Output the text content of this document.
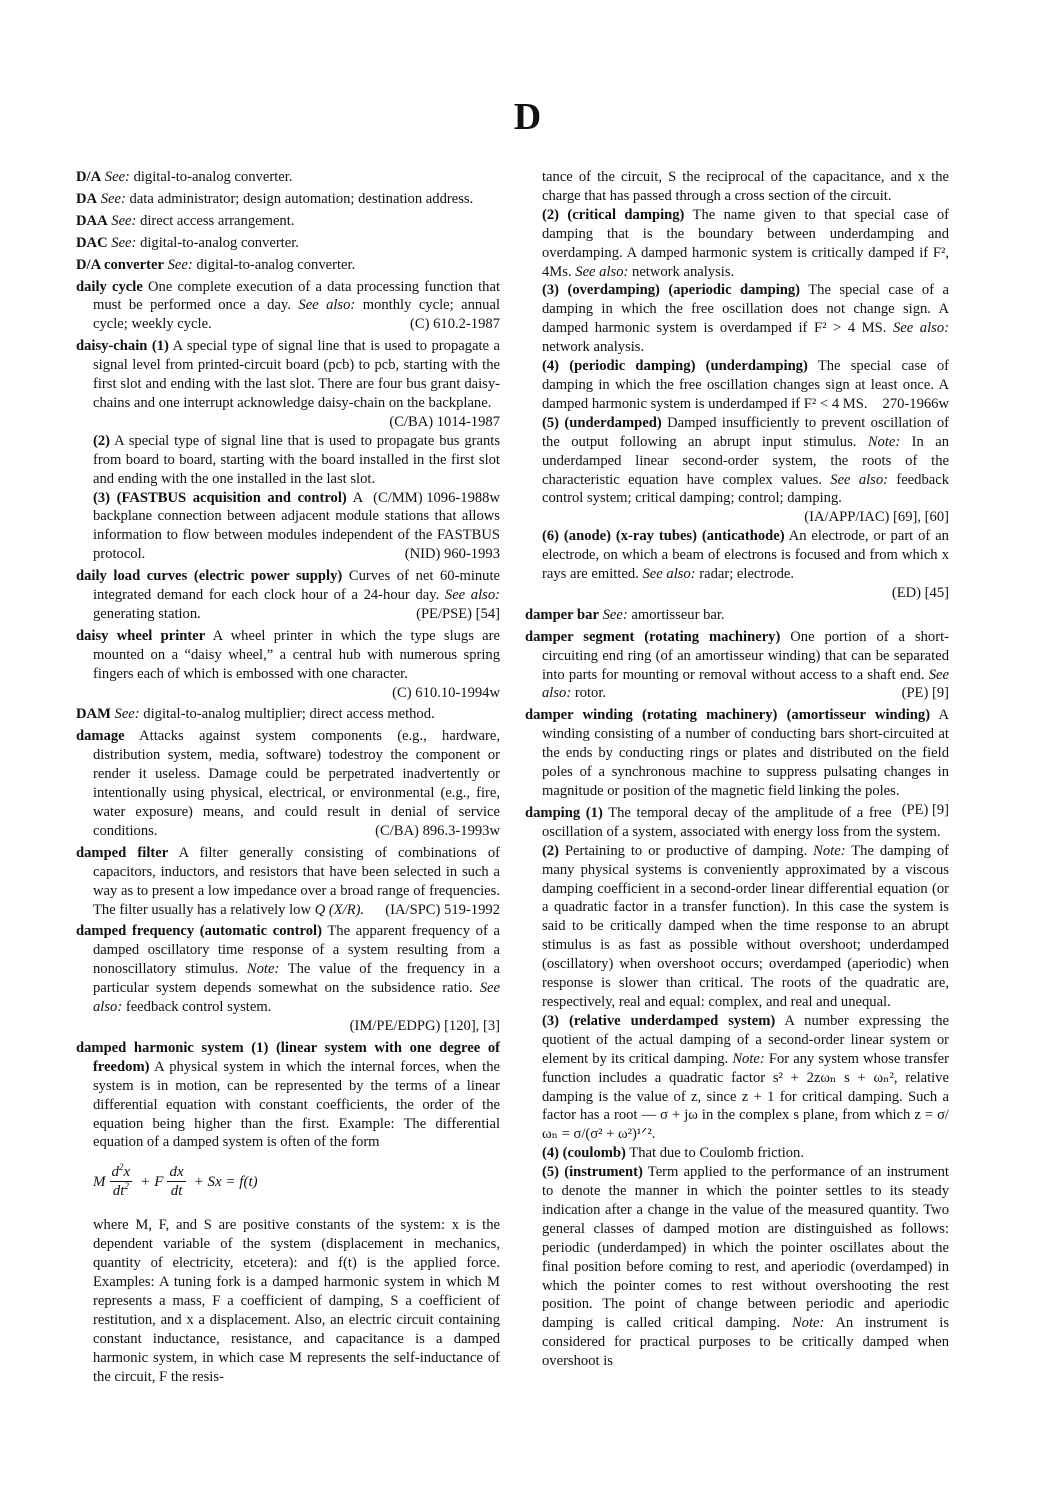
D

D/A See: digital-to-analog converter.

DA See: data administrator; design automation; destination address.

DAA See: direct access arrangement.

DAC See: digital-to-analog converter.

D/A converter See: digital-to-analog converter.

daily cycle One complete execution of a data processing function that must be performed once a day. See also: monthly cycle; annual cycle; weekly cycle.	(C) 610.2-1987

daisy-chain (1) A special type of signal line that is used to propagate a signal level from printed-circuit board (pcb) to pcb, starting with the first slot and ending with the last slot. There are four bus grant daisy-chains and one interrupt acknowledge daisy-chain on the backplane.

(C/BA) 1014-1987

(2) A special type of signal line that is used to propagate bus grants from board to board, starting with the board installed in the first slot and ending with the one installed in the last slot.
(C/MM) 1096-1988w

(3) (FASTBUS acquisition and control) A backplane connection between adjacent module stations that allows information to flow between modules independent of the FASTBUS protocol.	(NID) 960-1993

daily load curves (electric power supply) Curves of net 60-minute integrated demand for each clock hour of a 24-hour day. See also: generating station.	(PE/PSE) [54]

daisy wheel printer A wheel printer in which the type slugs are mounted on a “daisy wheel,” a central hub with numerous spring fingers each of which is embossed with one character.

(C) 610.10-1994w

DAM See: digital-to-analog multiplier; direct access method.

damage Attacks against system components (e.g., hardware, distribution system, media, software) todestroy the component or render it useless. Damage could be perpetrated inadvertently or intentionally using physical, electrical, or environmental (e.g., fire, water exposure) means, and could result in denial of service conditions.	(C/BA) 896.3-1993w

damped filter A filter generally consisting of combinations of capacitors, inductors, and resistors that have been selected in such a way as to present a low impedance over a broad range of frequencies. The filter usually has a relatively low Q (X/R).	(IA/SPC) 519-1992

damped frequency (automatic control) The apparent frequency of a damped oscillatory time response of a system resulting from a nonoscillatory stimulus. Note: The value of the frequency in a particular system depends somewhat on the subsidence ratio. See also: feedback control system.

(IM/PE/EDPG) [120], [3]

damped harmonic system (1) (linear system with one degree of freedom) A physical system in which the internal forces, when the system is in motion, can be represented by the terms of a linear differential equation with constant coefficients, the order of the equation being higher than the first. Example: The differential equation of a damped system is often of the form

M $\frac{d^2x}{dt^2} + F \frac{dx}{dt} + Sx = f(t)$

where M, F, and S are positive constants of the system: x is the dependent variable of the system (displacement in mechanics, quantity of electricity, etcetera): and f(t) is the applied force. Examples: A tuning fork is a damped harmonic system in which M represents a mass, F a coefficient of damping, S a coefficient of restitution, and x a displacement. Also, an electric circuit containing constant inductance, resistance, and capacitance is a damped harmonic system, in which case M represents the self-inductance of the circuit, F the resis-

tance of the circuit, S the reciprocal of the capacitance, and x the charge that has passed through a cross section of the circuit.

(2) (critical damping) The name given to that special case of damping that is the boundary between underdamping and overdamping. A damped harmonic system is critically damped if F², 4Ms. See also: network analysis.

(3) (overdamping) (aperiodic damping) The special case of a damping in which the free oscillation does not change sign. A damped harmonic system is overdamped if F² > 4 MS. See also: network analysis.

(4) (periodic damping) (underdamping) The special case of damping in which the free oscillation changes sign at least once. A damped harmonic system is underdamped if F² < 4 MS.	270-1966w

(5) (underdamped) Damped insufficiently to prevent oscillation of the output following an abrupt input stimulus. Note: In an underdamped linear second-order system, the roots of the characteristic equation have complex values. See also: feedback control system; critical damping; control; damping.

(IA/APP/IAC) [69], [60]

(6) (anode) (x-ray tubes) (anticathode) An electrode, or part of an electrode, on which a beam of electrons is focused and from which x rays are emitted. See also: radar; electrode.

(ED) [45]

damper bar See: amortisseur bar.

damper segment (rotating machinery) One portion of a short-circuiting end ring (of an amortisseur winding) that can be separated into parts for mounting or removal without access to a shaft end. See also: rotor.	(PE) [9]

damper winding (rotating machinery) (amortisseur winding) A winding consisting of a number of conducting bars short-circuited at the ends by conducting rings or plates and distributed on the field poles of a synchronous machine to suppress pulsating changes in magnitude or position of the magnetic field linking the poles.
(PE) [9]

damping (1) The temporal decay of the amplitude of a free oscillation of a system, associated with energy loss from the system.

(2) Pertaining to or productive of damping. Note: The damping of many physical systems is conveniently approximated by a viscous damping coefficient in a second-order linear differential equation (or a quadratic factor in a transfer function). In this case the system is said to be critically damped when the time response to an abrupt stimulus is as fast as possible without overshoot; underdamped (oscillatory) when overshoot occurs; overdamped (aperiodic) when response is slower than critical. The roots of the quadratic are, respectively, real and equal: complex, and real and unequal.

(3) (relative underdamped system) A number expressing the quotient of the actual damping of a second-order linear system or element by its critical damping. Note: For any system whose transfer function includes a quadratic factor s² + 2zωₙ s + ωₙ², relative damping is the value of z, since z + 1 for critical damping. Such a factor has a root — σ + jω in the complex s plane, from which z = σ/ωₙ = σ/(σ² + ω²)¹ᐟ².

(4) (coulomb) That due to Coulomb friction.

(5) (instrument) Term applied to the performance of an instrument to denote the manner in which the pointer settles to its steady indication after a change in the value of the measured quantity. Two general classes of damped motion are distinguished as follows: periodic (underdamped) in which the pointer oscillates about the final position before coming to rest, and aperiodic (overdamped) in which the pointer comes to rest without overshooting the rest position. The point of change between periodic and aperiodic damping is called critical damping. Note: An instrument is considered for practical purposes to be critically damped when overshoot is
